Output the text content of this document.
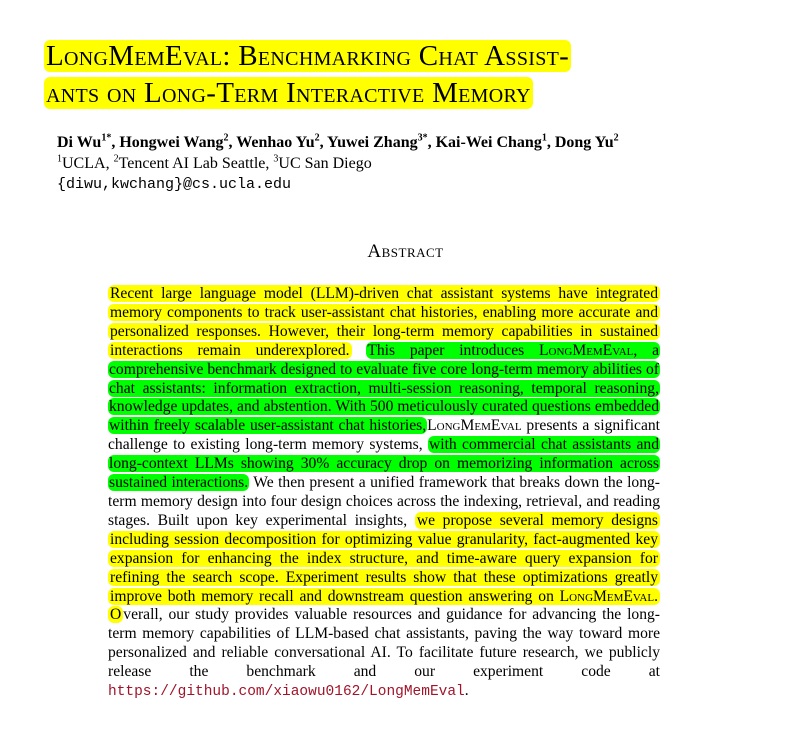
LongMemEval: Benchmarking Chat Assist-
ants on Long-Term Interactive Memory
Di $Wu^{1*}$, Hongwei Wang$^2$, Wenhao Yu$^2$, Yuwei Zhang$^{3*}$, Kai-Wei Chang$^1$, Dong Yu$^2$
$^1$UCLA, $^2$Tencent AI Lab Seattle, $^3$UC San Diego
{diwu,kwchang}@cs.ucla.edu
Abstract
Recent large language model (LLM)-driven chat assistant systems have integrated memory components to track user-assistant chat histories, enabling more accurate and personalized responses. However, their long-term memory capabilities in sustained interactions remain underexplored. This paper introduces LongMemEval, a comprehensive benchmark designed to evaluate five core long-term memory abilities of chat assistants: information extraction, multi-session reasoning, temporal reasoning, knowledge updates, and abstention. With 500 meticulously curated questions embedded within freely scalable user-assistant chat histories,LongMemEval presents a significant challenge to existing long-term memory systems, with commercial chat assistants and long-context LLMs showing 30% accuracy drop on memorizing information across sustained interactions. We then present a unified framework that breaks down the long-term memory design into four design choices across the indexing, retrieval, and reading stages. Built upon key experimental insights, we propose several memory designs including session decomposition for optimizing value granularity, fact-augmented key expansion for enhancing the index structure, and time-aware query expansion for refining the search scope. Experiment results show that these optimizations greatly improve both memory recall and downstream question answering on LongMemEval. O verall, our study provides valuable resources and guidance for advancing the long-term memory capabilities of LLM-based chat assistants, paving the way toward more personalized and reliable conversational AI. To facilitate future research, we publicly release the benchmark and our experiment code at https://github.com/xiaowu0162/LongMemEval.
